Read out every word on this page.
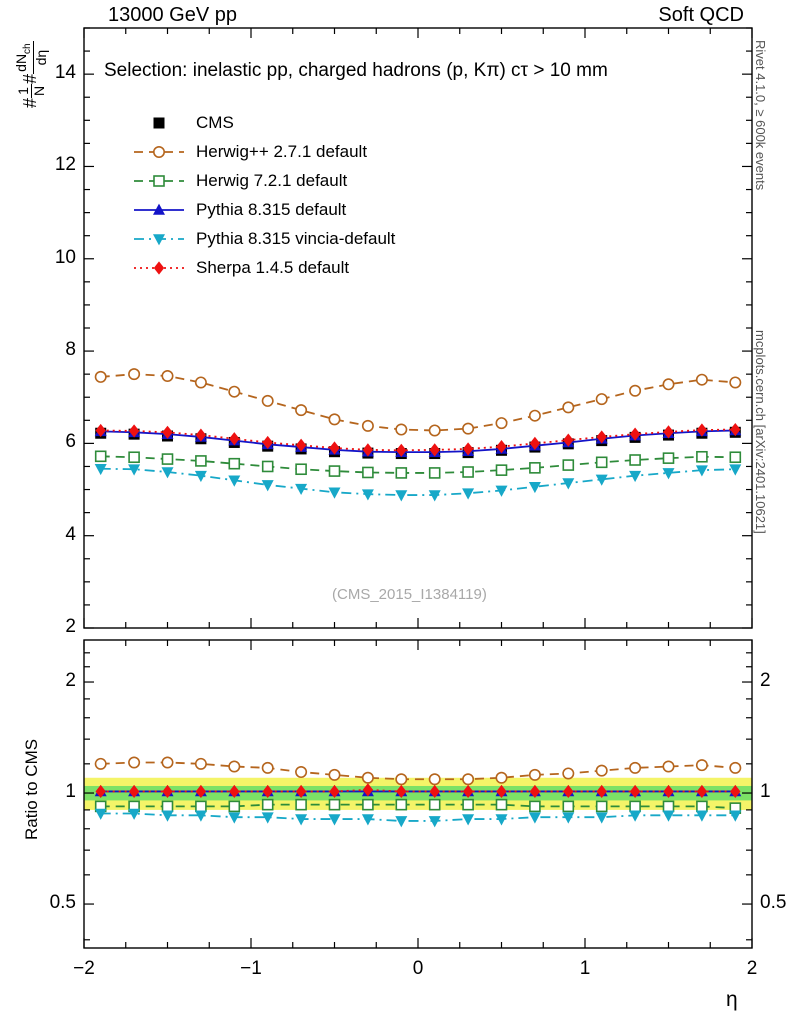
13000 GeV pp	Soft QCD
Rivet 4.1.0, ≥ 600k events
mcplots.cern.ch [arXiv:2401.10621]
#
1 N
#
$dN_{ch}$
dη
Ratio to CMS
η
Selection: inelastic pp, charged hadrons (p, Kπ) cτ > 10 mm
(CMS_2015_I1384119)
CMS
Herwig++ 2.7.1 default
Herwig 7.2.1 default
Pythia 8.315 default
Pythia 8.315 vincia-default
Sherpa 1.4.5 default
2
4
6
8
10
12
14
0.5	0.5
1	1
2	2
−2	−1	0	1	2
